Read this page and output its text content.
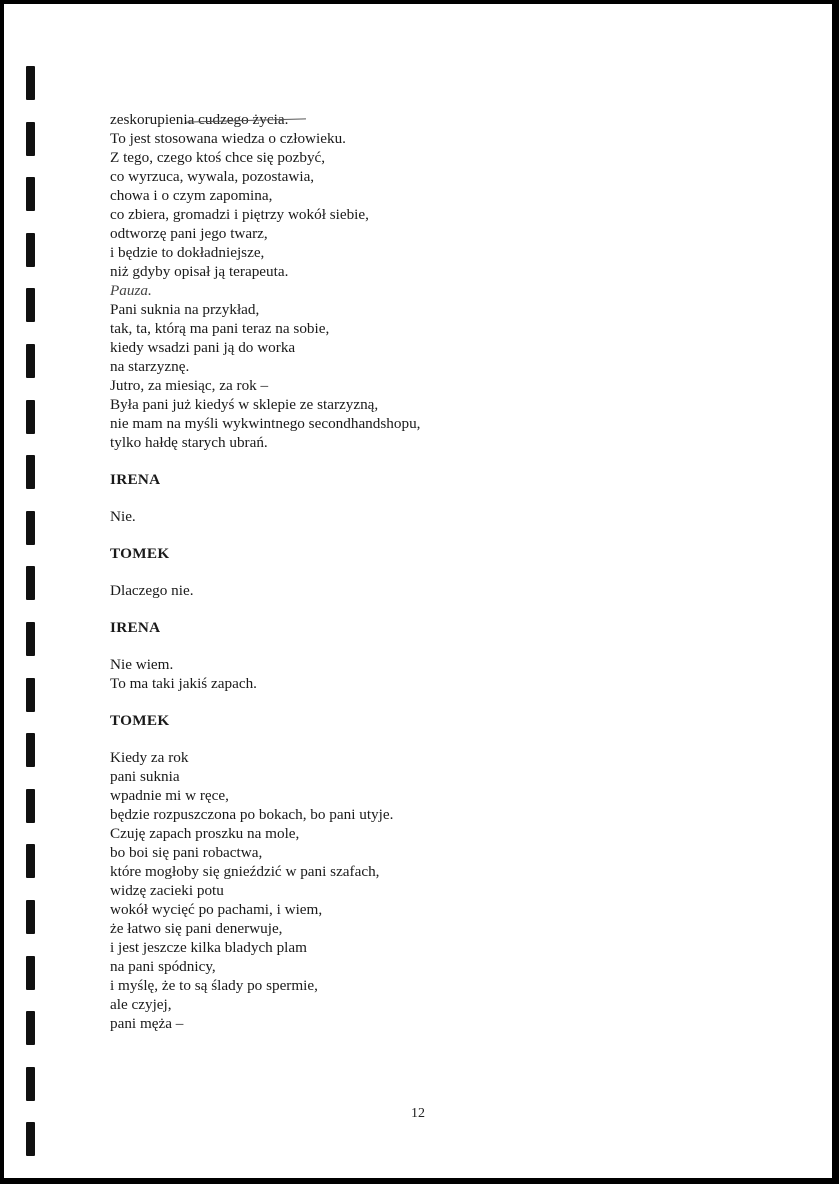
zeskorupienia cudzego życia.
To jest stosowana wiedza o człowieku.
Z tego, czego ktoś chce się pozbyć,
co wyrzuca, wywala, pozostawia,
chowa i o czym zapomina,
co zbiera, gromadzi i piętrzy wokół siebie,
odtworzę pani jego twarz,
i będzie to dokładniejsze,
niż gdyby opisał ją terapeuta.
Pauza.
Pani suknia na przykład,
tak, ta, którą ma pani teraz na sobie,
kiedy wsadzi pani ją do worka
na starzyznę.
Jutro, za miesiąc, za rok –
Była pani już kiedyś w sklepie ze starzyzną,
nie mam na myśli wykwintnego secondhandshopu,
tylko hałdę starych ubrań.
IRENA
Nie.
TOMEK
Dlaczego nie.
IRENA
Nie wiem.
To ma taki jakiś zapach.
TOMEK
Kiedy za rok
pani suknia
wpadnie mi w ręce,
będzie rozpuszczona po bokach, bo pani utyje.
Czuję zapach proszku na mole,
bo boi się pani robactwa,
które mogłoby się gnieździć w pani szafach,
widzę zacieki potu
wokół wycięć po pachami, i wiem,
że łatwo się pani denerwuje,
i jest jeszcze kilka bladych plam
na pani spódnicy,
i myślę, że to są ślady po spermie,
ale czyjej,
pani męża –
12
